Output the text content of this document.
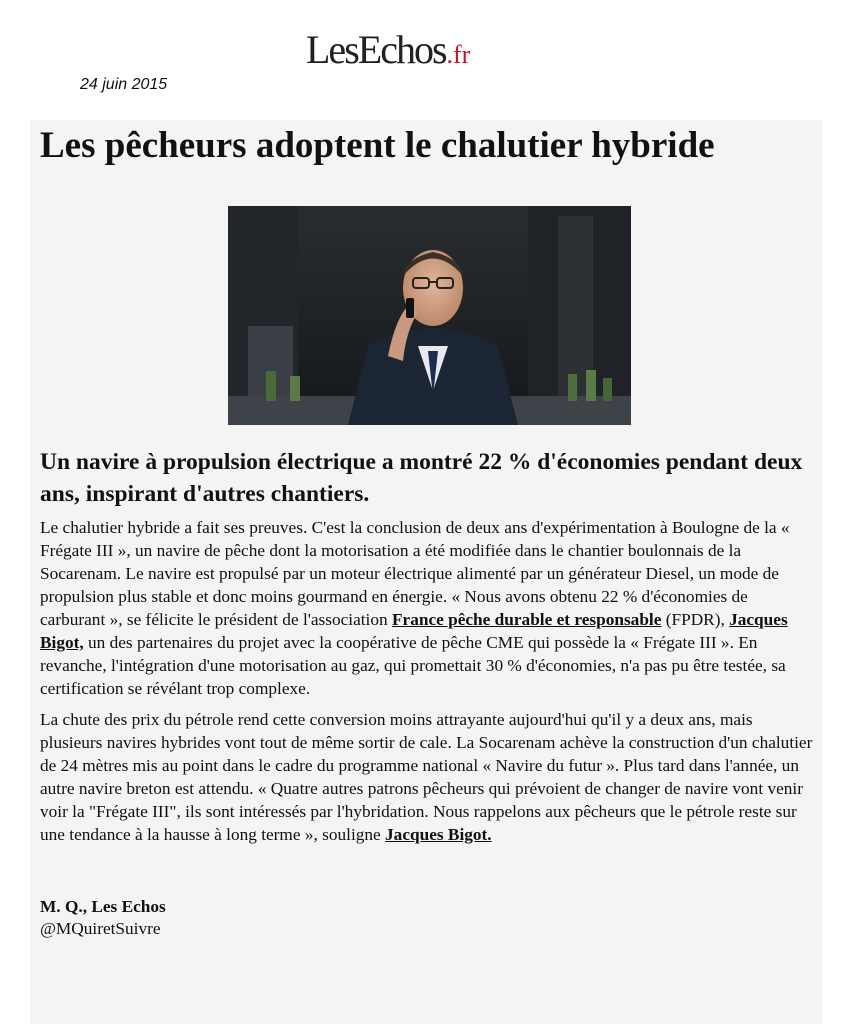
LesEchos.fr
24 juin 2015
Les pêcheurs adoptent le chalutier hybride
Un navire à propulsion électrique a montré 22 % d'économies pendant deux ans, inspirant d'autres chantiers.

Le chalutier hybride a fait ses preuves. C'est la conclusion de deux ans d'expérimentation à Boulogne de la « Frégate III », un navire de pêche dont la motorisation a été modifiée dans le chantier boulonnais de la Socarenam. Le navire est propulsé par un moteur électrique alimenté par un générateur Diesel, un mode de propulsion plus stable et donc moins gourmand en énergie. « Nous avons obtenu 22 % d'économies de carburant », se félicite le président de l'association France pêche durable et responsable (FPDR), Jacques Bigot, un des partenaires du projet avec la coopérative de pêche CME qui possède la « Frégate III ». En revanche, l'intégration d'une motorisation au gaz, qui promettait 30 % d'économies, n'a pas pu être testée, sa certification se révélant trop complexe.

La chute des prix du pétrole rend cette conversion moins attrayante aujourd'hui qu'il y a deux ans, mais plusieurs navires hybrides vont tout de même sortir de cale. La Socarenam achève la construction d'un chalutier de 24 mètres mis au point dans le cadre du programme national « Navire du futur ». Plus tard dans l'année, un autre navire breton est attendu. « Quatre autres patrons pêcheurs qui prévoient de changer de navire vont venir voir la "Frégate III", ils sont intéressés par l'hybridation. Nous rappelons aux pêcheurs que le pétrole reste sur une tendance à la hausse à long terme », souligne Jacques Bigot.

M. Q., Les Echos
@MQuiretSuivre
